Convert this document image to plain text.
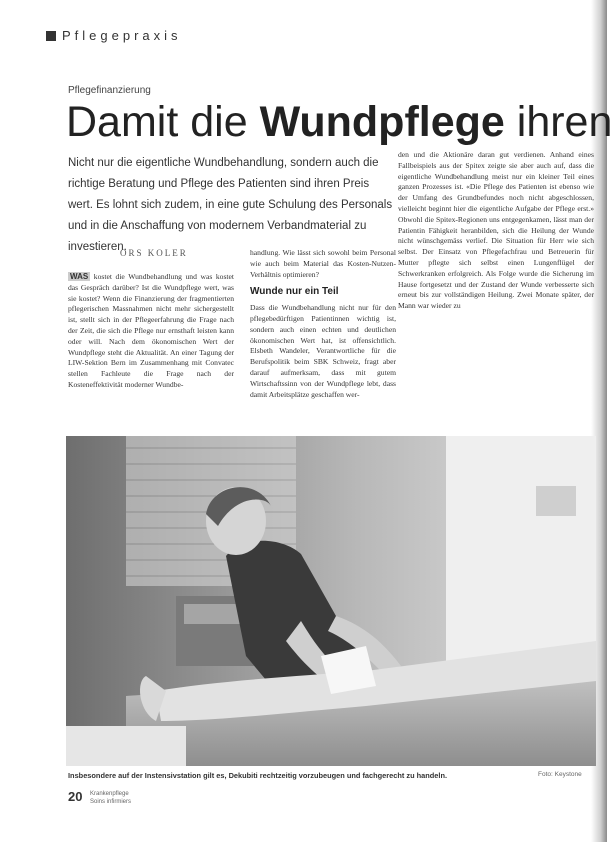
Pflegepraxis
Pflegefinanzierung
Damit die Wundpflege ihren
Nicht nur die eigentliche Wundbehandlung, sondern auch die richtige Beratung und Pflege des Patienten sind ihren Preis wert. Es lohnt sich zudem, in eine gute Schulung des Personals und in die Anschaffung von modernem Verbandmaterial zu investieren.
ORS KOLER

WAS kostet die Wundbehandlung und was kostet das Gespräch darüber? Ist die Wundpflege wert, was sie kostet? Wenn die Finanzierung der fragmentierten pflegerischen Massnahmen nicht mehr sichergestellt ist, stellt sich in der Pflegeerfahrung die Frage nach der Zeit, die sich die Pflege nur ernsthaft leisten kann oder will. Nach dem ökonomischen Wert der Wundpflege steht die Aktualität. An einer Tagung der LIW-Sektion Bern im Zusammenhang mit Convatec stellen Fachleute die Frage nach der Kosteneffektivität moderner Wundbe-

handlung. Wie lässt sich sowohl beim Personal wie auch beim Material das Kosten-Nutzen-Verhältnis optimieren?

Wunde nur ein Teil

Dass die Wundbehandlung nicht nur für den pflegebedürftigen Patientinnen wichtig ist, sondern auch einen echten und deutlichen ökonomischen Wert hat, ist offensichtlich. Elsbeth Wandeler, Verantwortliche für die Berufspolitik beim SBK Schweiz, fragt aber darauf aufmerksam, dass mit gutem Wirtschaftssinn von der Wundpflege lebt, dass damit Arbeitsplätze geschaffen wer-

den und die Aktionäre daran gut verdienen. Anhand eines Fallbeispiels aus der Spitex zeigte sie aber auch auf, dass die eigentliche Wundbehandlung meist nur ein kleiner Teil eines ganzen Prozesses ist. «Die Pflege des Patienten ist ebenso wie der Umfang des Grundbefundes noch nicht abgeschlossen, vielleicht beginnt hier die eigentliche Aufgabe der Pflege erst.» Obwohl die Spitex-Regionen uns entgegenkamen, lässt man der Patientin Fähigkeit heranbilden, sich die Heilung der Wunde nicht wünschgemäss verlief. Die Situation für Herr wie sich selbst. Der Einsatz von Pflegefachfrau und Betreuerin für Mutter pflegte sich selbst einen Lungenflügel der Schwerkranken erfolgreich. Als Folge wurde die Sicherung im Hause fortgesetzt und der Zustand der Wunde verbesserte sich erneut bis zur vollständigen Heilung. Zwei Monate später, der Mann war wieder zu

Insbesondere auf der Instensivstation gilt es, Dekubiti rechtzeitig vorzubeugen und fachgerecht zu handeln.	Foto: Keystone
20 Krankenpflege
Soins infirmiers
